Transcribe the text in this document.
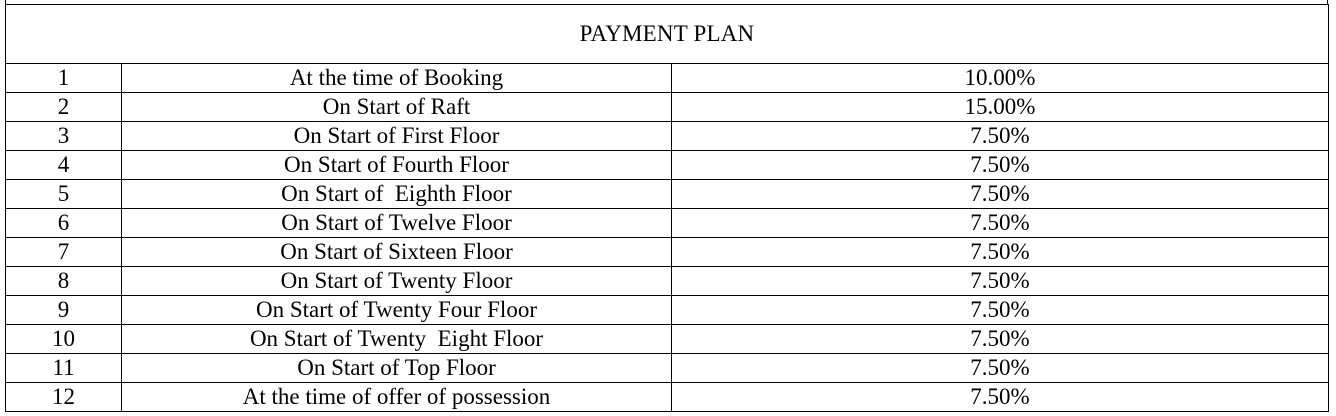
PAYMENT PLAN		
1	At the time of Booking	10.00%
2	On Start of Raft	15.00%
3	On Start of First Floor	7.50%
4	On Start of Fourth Floor	7.50%
5	On Start of  Eighth Floor	7.50%
6	On Start of Twelve Floor	7.50%
7	On Start of Sixteen Floor	7.50%
8	On Start of Twenty Floor	7.50%
9	On Start of Twenty Four Floor	7.50%
10	On Start of Twenty  Eight Floor	7.50%
11	On Start of Top Floor	7.50%
12	At the time of offer of possession	7.50%
